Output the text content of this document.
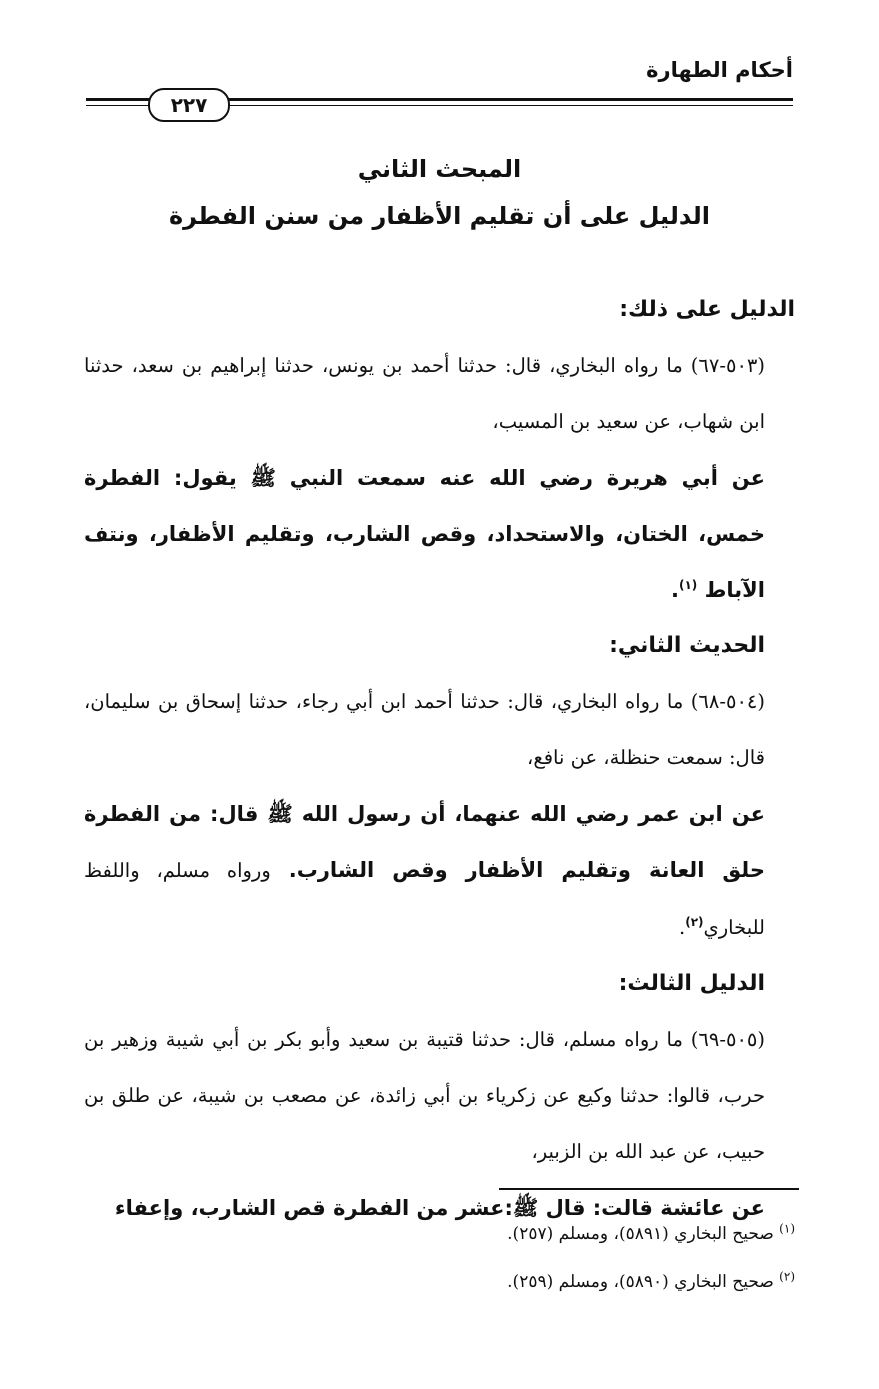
أحكام الطهارة
٢٢٧
المبحث الثاني
الدليل على أن تقليم الأظفار من سنن الفطرة

الدليل على ذلك:

(٥٠٣-٦٧) ما رواه البخاري، قال: حدثنا أحمد بن يونس، حدثنا إبراهيم بن سعد، حدثنا ابن شهاب، عن سعيد بن المسيب،

عن أبي هريرة رضي الله عنه سمعت النبي ﷺ يقول: الفطرة خمس، الختان، والاستحداد، وقص الشارب، وتقليم الأظفار، ونتف الآباط $^{(١)}$.

الحديث الثاني:

(٥٠٤-٦٨) ما رواه البخاري، قال: حدثنا أحمد ابن أبي رجاء، حدثنا إسحاق بن سليمان، قال: سمعت حنظلة، عن نافع،

عن ابن عمر رضي الله عنهما، أن رسول الله ﷺ قال: من الفطرة حلق العانة وتقليم الأظفار وقص الشارب. ورواه مسلم، واللفظ للبخاري$^{(٢)}$.

الدليل الثالث:

(٥٠٥-٦٩) ما رواه مسلم، قال: حدثنا قتيبة بن سعيد وأبو بكر بن أبي شيبة وزهير بن حرب، قالوا: حدثنا وكيع عن زكرياء بن أبي زائدة، عن مصعب بن شيبة، عن طلق بن حبيب، عن عبد الله بن الزبير،

عن عائشة قالت: قال ﷺ:عشر من الفطرة قص الشارب، وإعفاء

$^{(١)}$ صحيح البخاري (٥٨٩١)، ومسلم (٢٥٧).

$^{(٢)}$ صحيح البخاري (٥٨٩٠)، ومسلم (٢٥٩).
